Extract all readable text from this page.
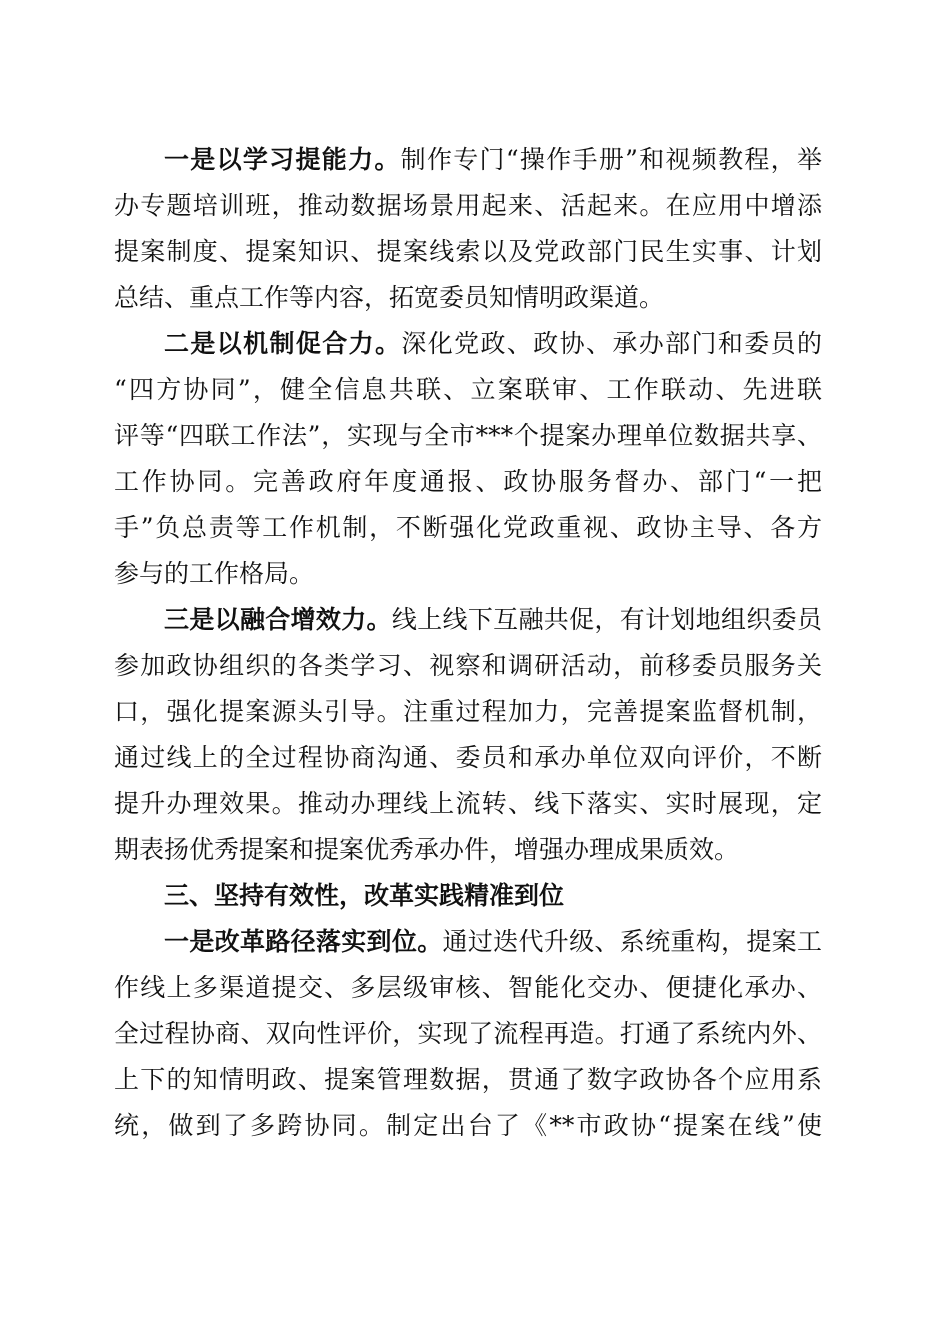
一是以学习提能力。制作专门“操作手册”和视频教程，举
办专题培训班，推动数据场景用起来、活起来。在应用中增添
提案制度、提案知识、提案线索以及党政部门民生实事、计划
总结、重点工作等内容，拓宽委员知情明政渠道。
二是以机制促合力。深化党政、政协、承办部门和委员的
“四方协同”，健全信息共联、立案联审、工作联动、先进联
评等“四联工作法”，实现与全市***个提案办理单位数据共享、
工作协同。完善政府年度通报、政协服务督办、部门“一把
手”负总责等工作机制，不断强化党政重视、政协主导、各方
参与的工作格局。
三是以融合增效力。线上线下互融共促，有计划地组织委员
参加政协组织的各类学习、视察和调研活动，前移委员服务关
口，强化提案源头引导。注重过程加力，完善提案监督机制，
通过线上的全过程协商沟通、委员和承办单位双向评价，不断
提升办理效果。推动办理线上流转、线下落实、实时展现，定
期表扬优秀提案和提案优秀承办件，增强办理成果质效。
三、坚持有效性，改革实践精准到位
一是改革路径落实到位。通过迭代升级、系统重构，提案工
作线上多渠道提交、多层级审核、智能化交办、便捷化承办、
全过程协商、双向性评价，实现了流程再造。打通了系统内外、
上下的知情明政、提案管理数据，贯通了数字政协各个应用系
统，做到了多跨协同。制定出台了《**市政协“提案在线”使
